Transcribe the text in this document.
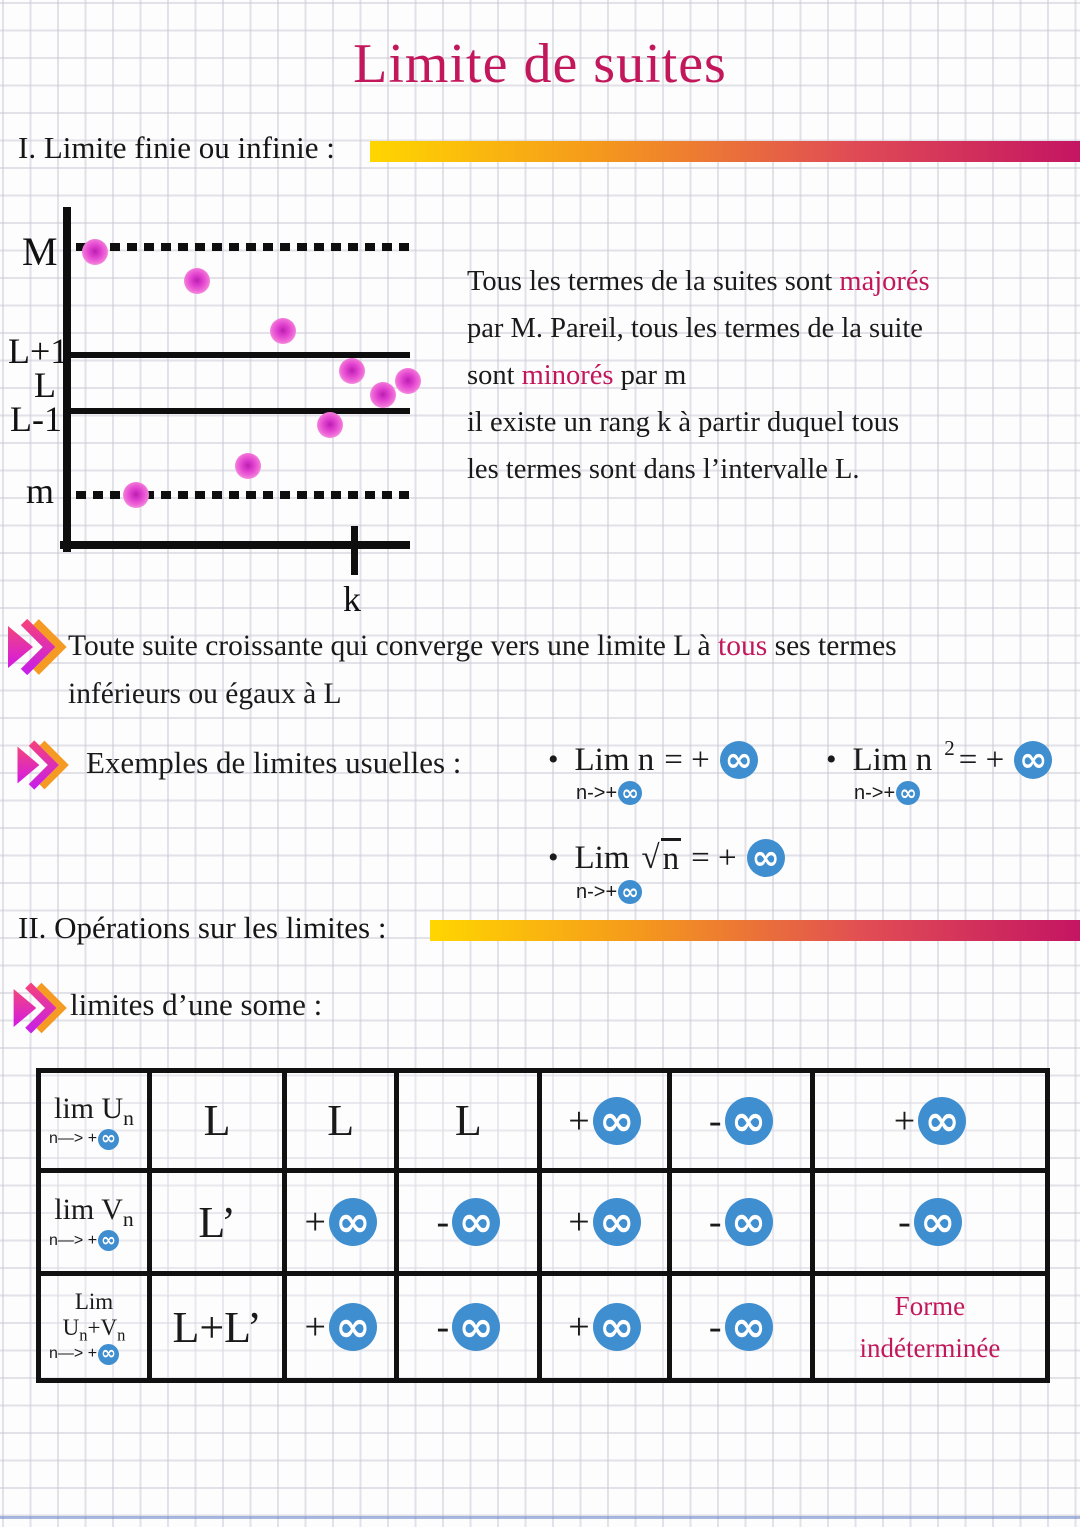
Limite de suites
I. Limite finie ou infinie :
M
L+1
L
L-1
m
k
Tous les termes de la suites sont majorés
par M. Pareil, tous les termes de la suite
sont minorés par m
il existe un rang k à partir duquel tous
les termes sont dans l’intervalle L.
Toute suite croissante qui converge vers une limite L à tous ses termes
inférieurs ou égaux à L
Exemples de limites usuelles :	• Lim n = + ∞
n->+ ∞
• Lim n $^2$ = + ∞
n->+ ∞
• Lim √ n = + ∞
n->+ ∞
II. Opérations sur les limites :
limites d’une some :
$\lim U_n$
n—> + ∞	L	L	L	+ ∞	- ∞	+ ∞

$\lim V_n$
n—> + ∞	L’	+ ∞	- ∞	+ ∞	- ∞	- ∞

Lim $U_n+V_n$
n—> + ∞
	L+L’	+ ∞	- ∞	+ ∞	- ∞	Forme
indéterminée
